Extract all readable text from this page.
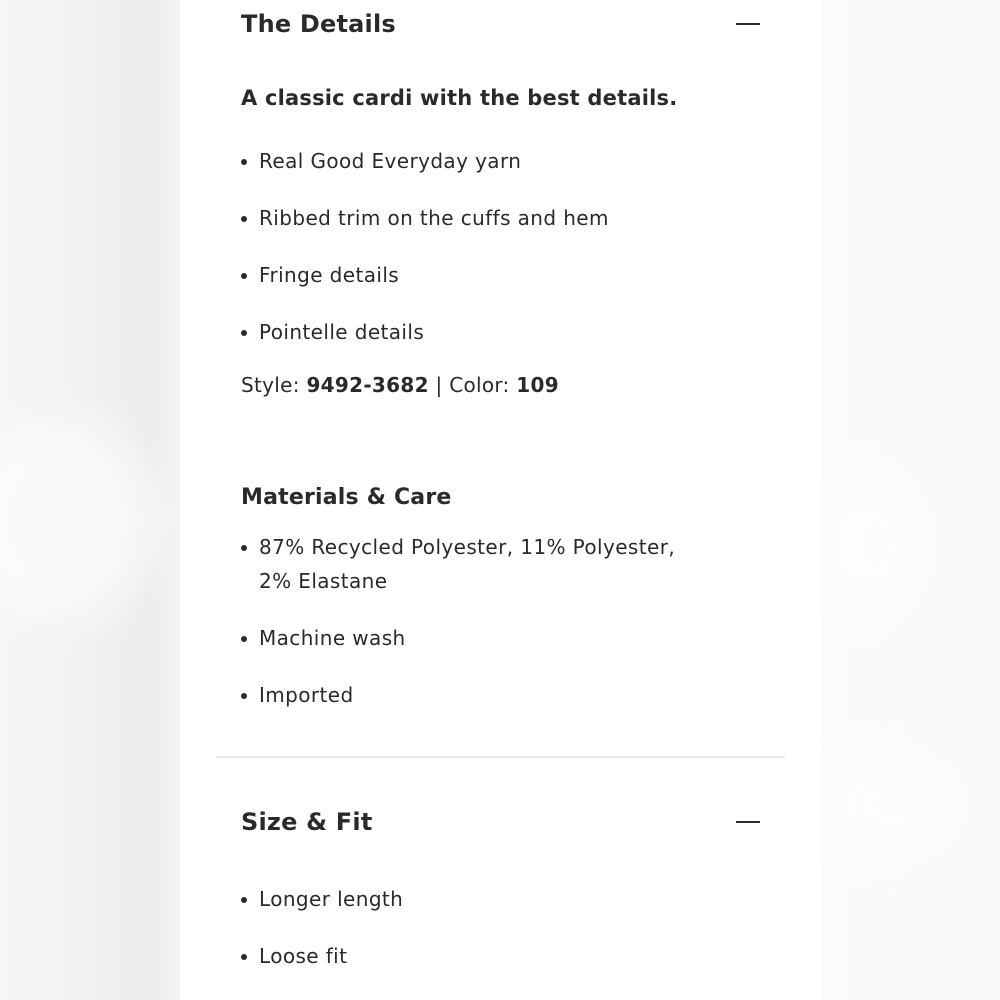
The Details
A classic cardi with the best details.
Real Good Everyday yarn
Ribbed trim on the cuffs and hem
Fringe details
Pointelle details
Style: 9492-3682 | Color: 109
Materials & Care
87% Recycled Polyester, 11% Polyester, 2% Elastane
Machine wash
Imported
Size & Fit
Longer length
Loose fit
